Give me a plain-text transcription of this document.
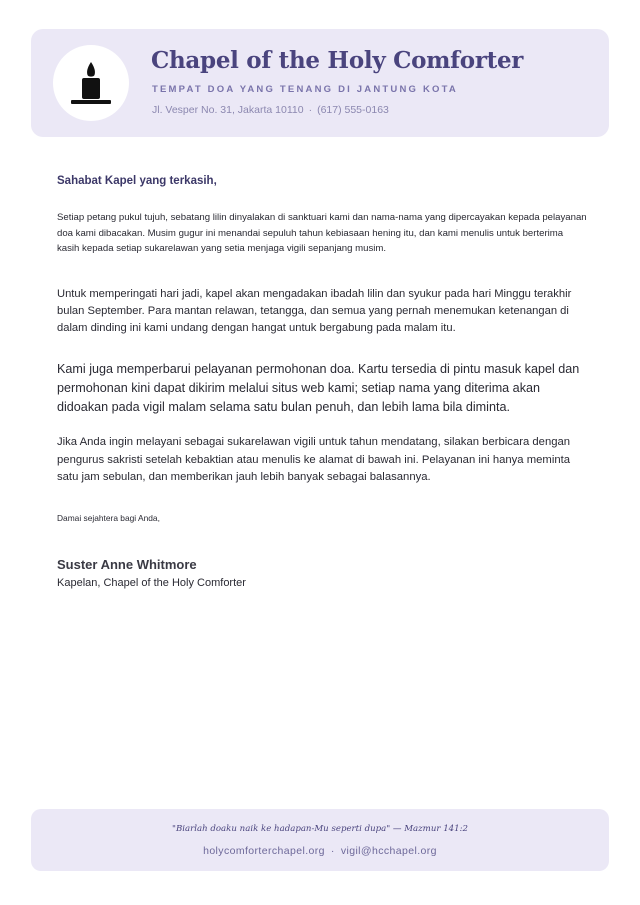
Chapel of the Holy Comforter
TEMPAT DOA YANG TENANG DI JANTUNG KOTA
Jl. Vesper No. 31, Jakarta 10110 · (617) 555-0163
Sahabat Kapel yang terkasih,

Setiap petang pukul tujuh, sebatang lilin dinyalakan di sanktuari kami dan nama-nama yang dipercayakan kepada pelayanan doa kami dibacakan. Musim gugur ini menandai sepuluh tahun kebiasaan hening itu, dan kami menulis untuk berterima kasih kepada setiap sukarelawan yang setia menjaga vigili sepanjang musim.

Untuk memperingati hari jadi, kapel akan mengadakan ibadah lilin dan syukur pada hari Minggu terakhir bulan September. Para mantan relawan, tetangga, dan semua yang pernah menemukan ketenangan di dalam dinding ini kami undang dengan hangat untuk bergabung pada malam itu.

Kami juga memperbarui pelayanan permohonan doa. Kartu tersedia di pintu masuk kapel dan permohonan kini dapat dikirim melalui situs web kami; setiap nama yang diterima akan didoakan pada vigil malam selama satu bulan penuh, dan lebih lama bila diminta.

Jika Anda ingin melayani sebagai sukarelawan vigili untuk tahun mendatang, silakan berbicara dengan pengurus sakristi setelah kebaktian atau menulis ke alamat di bawah ini. Pelayanan ini hanya meminta satu jam sebulan, dan memberikan jauh lebih banyak sebagai balasannya.

Damai sejahtera bagi Anda,
Suster Anne Whitmore
Kapelan, Chapel of the Holy Comforter
"Biarlah doaku naik ke hadapan-Mu seperti dupa" — Mazmur 141:2
holycomforterchapel.org · vigil@hcchapel.org
